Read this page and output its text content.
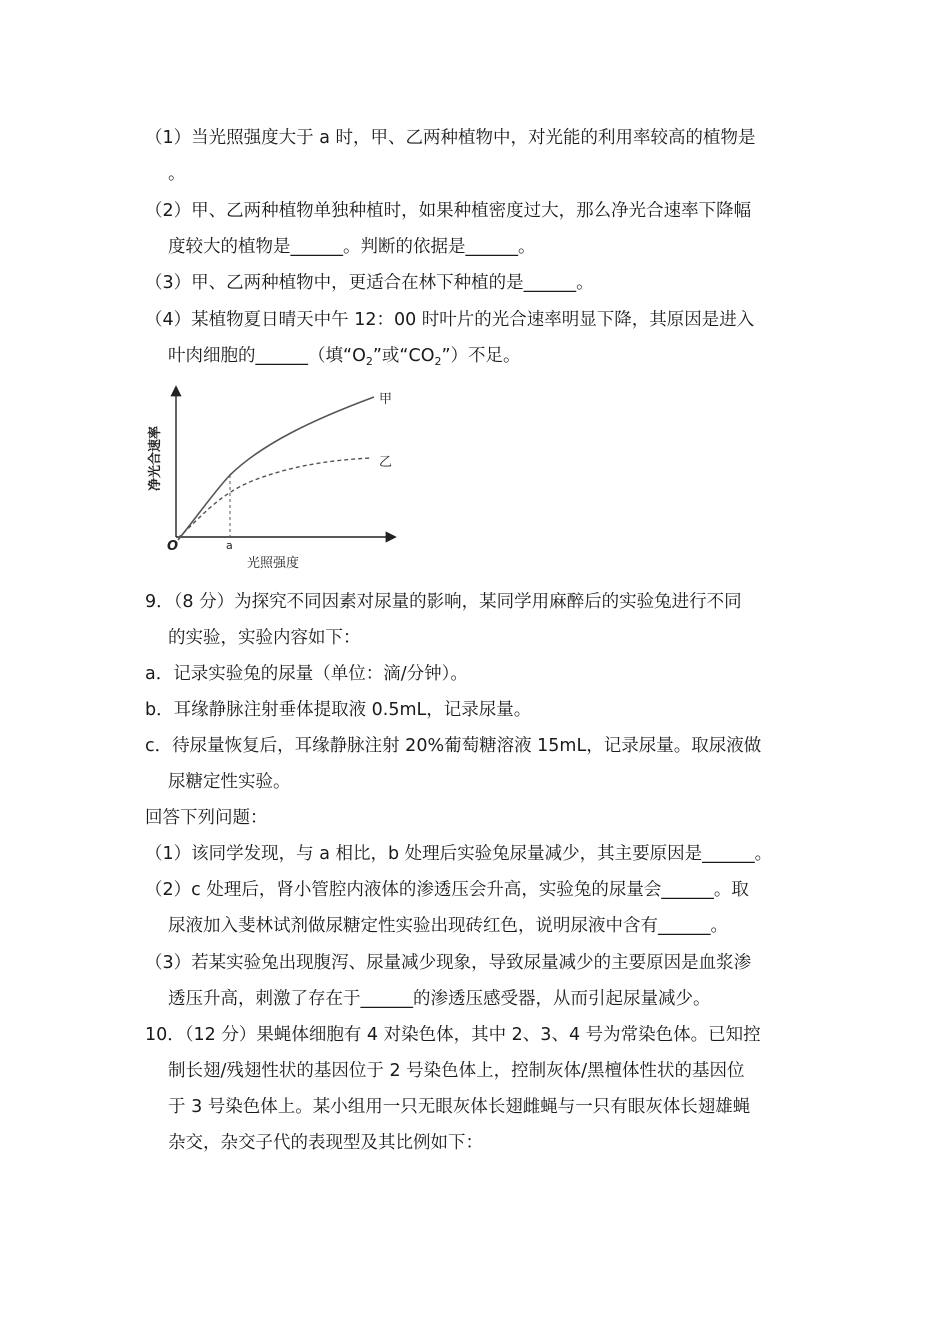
（1）当光照强度大于 a 时，甲、乙两种植物中，对光能的利用率较高的植物是
。
（2）甲、乙两种植物单独种植时，如果种植密度过大，那么净光合速率下降幅
度较大的植物是______。判断的依据是______。
（3）甲、乙两种植物中，更适合在林下种植的是______。
（4）某植物夏日晴天中午 12：00 时叶片的光合速率明显下降，其原因是进入
叶肉细胞的______（填“$O_2$”或“$CO_2$”）不足。
净光合速率
光照强度
O	a
甲
乙
9．（8 分）为探究不同因素对尿量的影响，某同学用麻醉后的实验兔进行不同
的实验，实验内容如下：
a．记录实验兔的尿量（单位：滴/分钟）。
b．耳缘静脉注射垂体提取液 0.5mL，记录尿量。
c．待尿量恢复后，耳缘静脉注射 20%葡萄糖溶液 15mL，记录尿量。取尿液做
尿糖定性实验。
回答下列问题：
（1）该同学发现，与 a 相比，b 处理后实验兔尿量减少，其主要原因是______。
（2）c 处理后，肾小管腔内液体的渗透压会升高，实验兔的尿量会______。取
尿液加入斐林试剂做尿糖定性实验出现砖红色，说明尿液中含有______。
（3）若某实验兔出现腹泻、尿量减少现象，导致尿量减少的主要原因是血浆渗
透压升高，刺激了存在于______的渗透压感受器，从而引起尿量减少。
10．（12 分）果蝇体细胞有 4 对染色体，其中 2、3、4 号为常染色体。已知控
制长翅/残翅性状的基因位于 2 号染色体上，控制灰体/黑檀体性状的基因位
于 3 号染色体上。某小组用一只无眼灰体长翅雌蝇与一只有眼灰体长翅雄蝇
杂交，杂交子代的表现型及其比例如下：
